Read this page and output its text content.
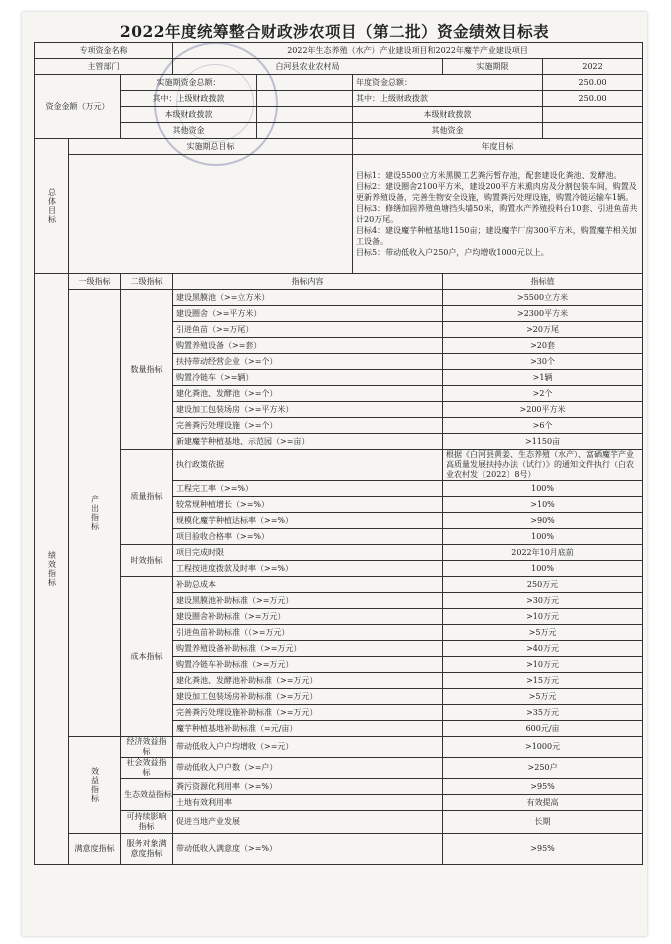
2022年度统筹整合财政涉农项目（第二批）资金绩效目标表
专项资金名称			2022年生态养殖（水产）产业建设项目和2022年魔芋产业建设项目				
主管部门			白河县农业农村局			实施期限	2022
资金金额（万元）		实施期资金总额：			年度资金总额：		250.00
		其中：上级财政拨款			其中：上级财政拨款		250.00
		本级财政拨款			本级财政拨款		
		其他资金			其他资金		
总体目标	实施期总目标				年度目标		

					目标1：建设5500立方米黑膜工艺粪污暂存池，配套建设化粪池、发酵池。
目标2：建设圈舍2100平方米，建设200平方米熏肉房及分割包装车间，购置及更新养殖设备，完善生物安全设施，购置粪污处理设施，购置冷链运输车1辆。
目标3：修缮加固养殖鱼塘挡头墙50米，购置水产养殖投料台10套、引进鱼苗共计20万尾。
目标4：建设魔芋种植基地1150亩；建设魔芋厂房300平方米，购置魔芋相关加工设备。
目标5：带动低收入户250户，户均增收1000元以上。		

绩效指标	一级指标	二级指标	指标内容			指标值	
	产出指标	数量指标	建设黑膜池（>=立方米）			>5500立方米	
			建设圈舍（>=平方米）			>2300平方米	
			引进鱼苗（>=万尾）			>20万尾	
			购置养殖设备（>=套）			>20套	
			扶持带动经营企业（>=个）			>30个	
			购置冷链车（>=辆）			>1辆	
			建化粪池、发酵池（>=个）			>2个	
			建设加工包装场房（>=平方米）			>200平方米	
			完善粪污处理设施（>=个）			>6个	
			新建魔芋种植基地、示范园（>=亩）			>1150亩	
		质量指标	执行政策依据			根据《白河县黄姜、生态养殖（水产）、富硒魔芋产业高质量发展扶持办法（试行）》的通知文件执行（白农业农村发〔2022〕8号）	
			工程完工率（>=%）			100%	
			较常规种植增长（>=%）			>10%	
			规模化魔芋种植达标率（>=%）			>90%	
			项目验收合格率（>=%）			100%	
		时效指标	项目完成时限			2022年10月底前	
			工程按进度拨款及时率（>=%）			100%	
		成本指标	补助总成本			250万元	
			建设黑膜池补助标准（>=万元）			>30万元	
			建设圈舍补助标准（>=万元）			>10万元	
			引进鱼苗补助标准（（>=万元）			>5万元	
			购置养殖设备补助标准（>=万元）			>40万元	
			购置冷链车补助标准（>=万元）			>10万元	
			建化粪池、发酵池补助标准（>=万元）			>15万元	
			建设加工包装场房补助标准（>=万元）			>5万元	
			完善粪污处理设施补助标准（>=万元）			>35万元	
			魔芋种植基地补助标准（=元/亩）			600元/亩	
	效益指标	经济效益指标	带动低收入户户均增收（>=元）			>1000元	
		社会效益指标	带动低收入户户数（>=户）			>250户	
		生态效益指标	粪污资源化利用率（>=%）			>95%	
			土地有效利用率			有效提高	
		可持续影响指标	促进当地产业发展			长期	
	满意度指标	服务对象满意度指标	带动低收入满意度（>=%）			>95%	
